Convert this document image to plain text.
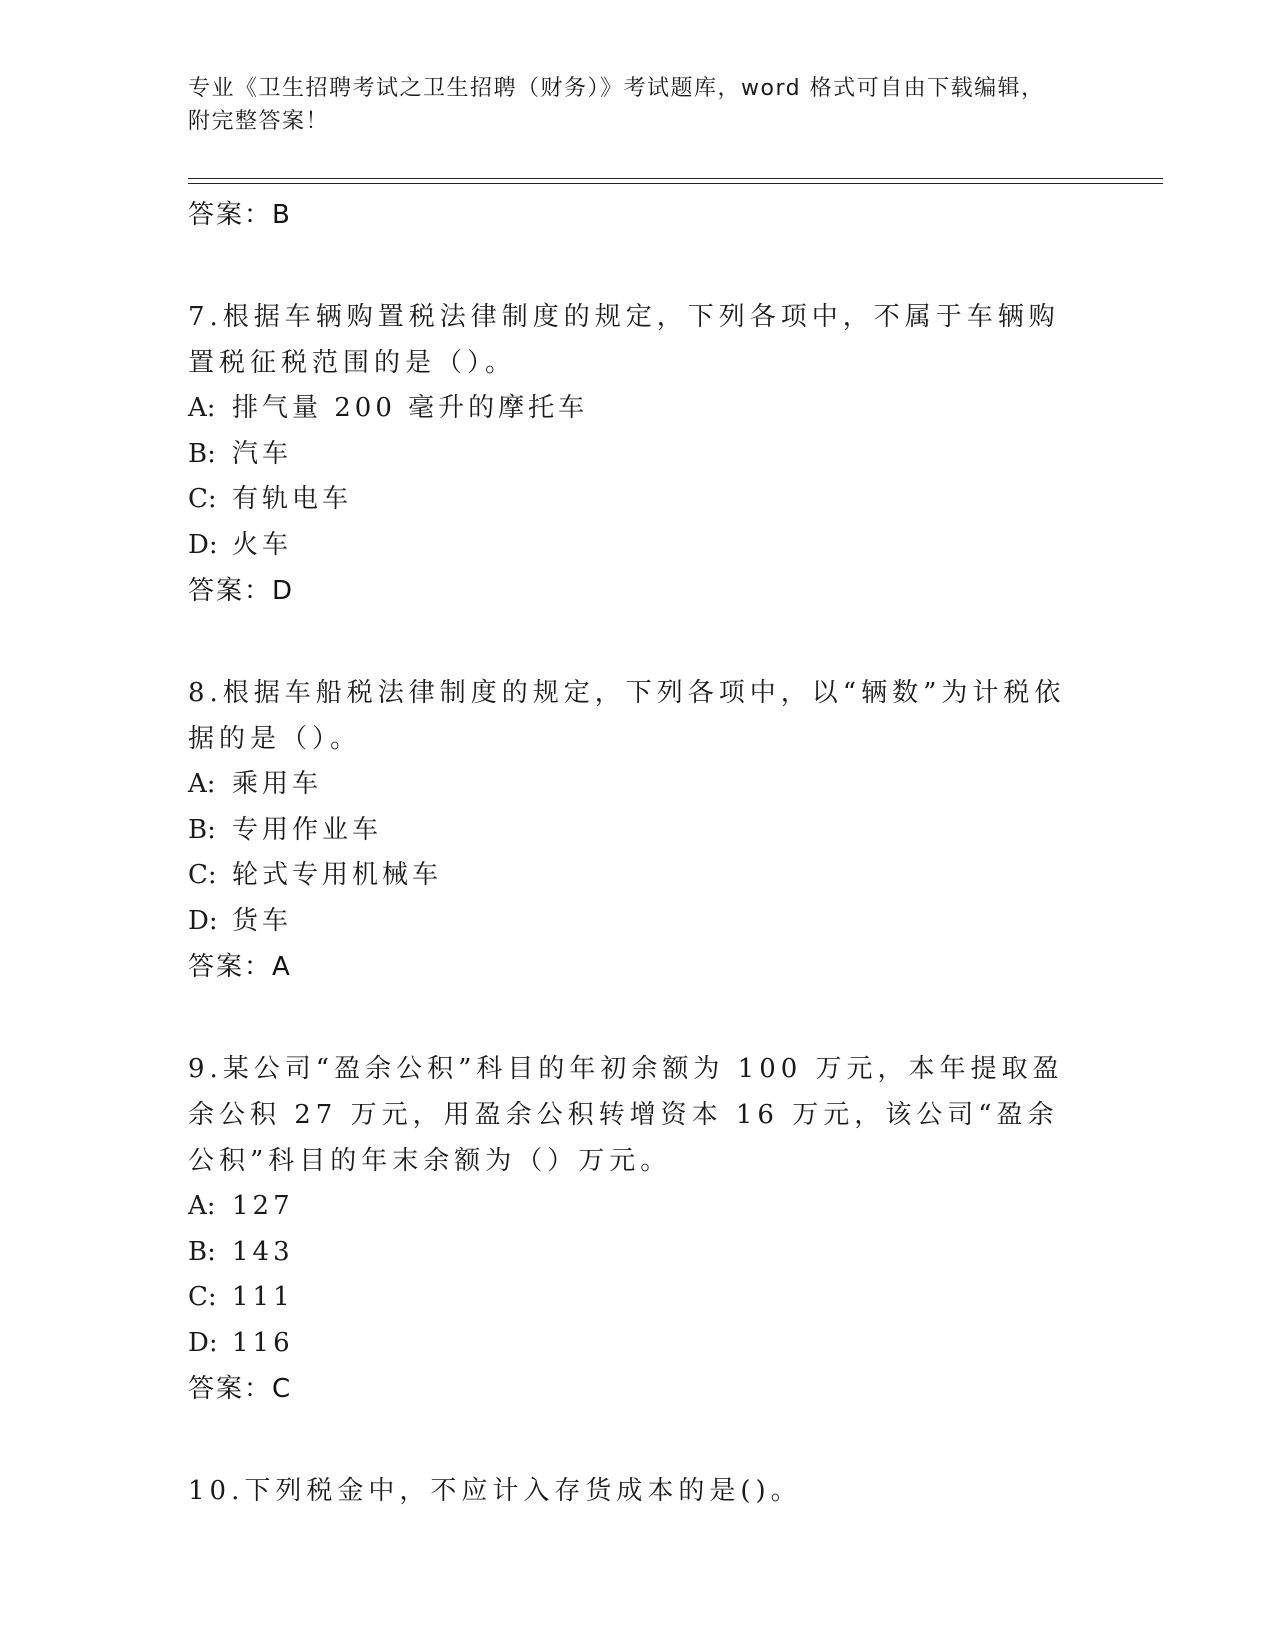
专业《卫生招聘考试之卫生招聘（财务）》考试题库，word 格式可自由下载编辑，附完整答案！
答案：B
7.根据车辆购置税法律制度的规定，下列各项中，不属于车辆购置税征税范围的是（）。
A: 排气量 200 毫升的摩托车
B: 汽车
C: 有轨电车
D: 火车
答案：D
8.根据车船税法律制度的规定，下列各项中，以“辆数”为计税依据的是（）。
A: 乘用车
B: 专用作业车
C: 轮式专用机械车
D: 货车
答案：A
9.某公司“盈余公积”科目的年初余额为 100 万元，本年提取盈余公积 27 万元，用盈余公积转增资本 16 万元，该公司“盈余公积”科目的年末余额为（）万元。
A: 127
B: 143
C: 111
D: 116
答案：C
10.下列税金中，不应计入存货成本的是()。
